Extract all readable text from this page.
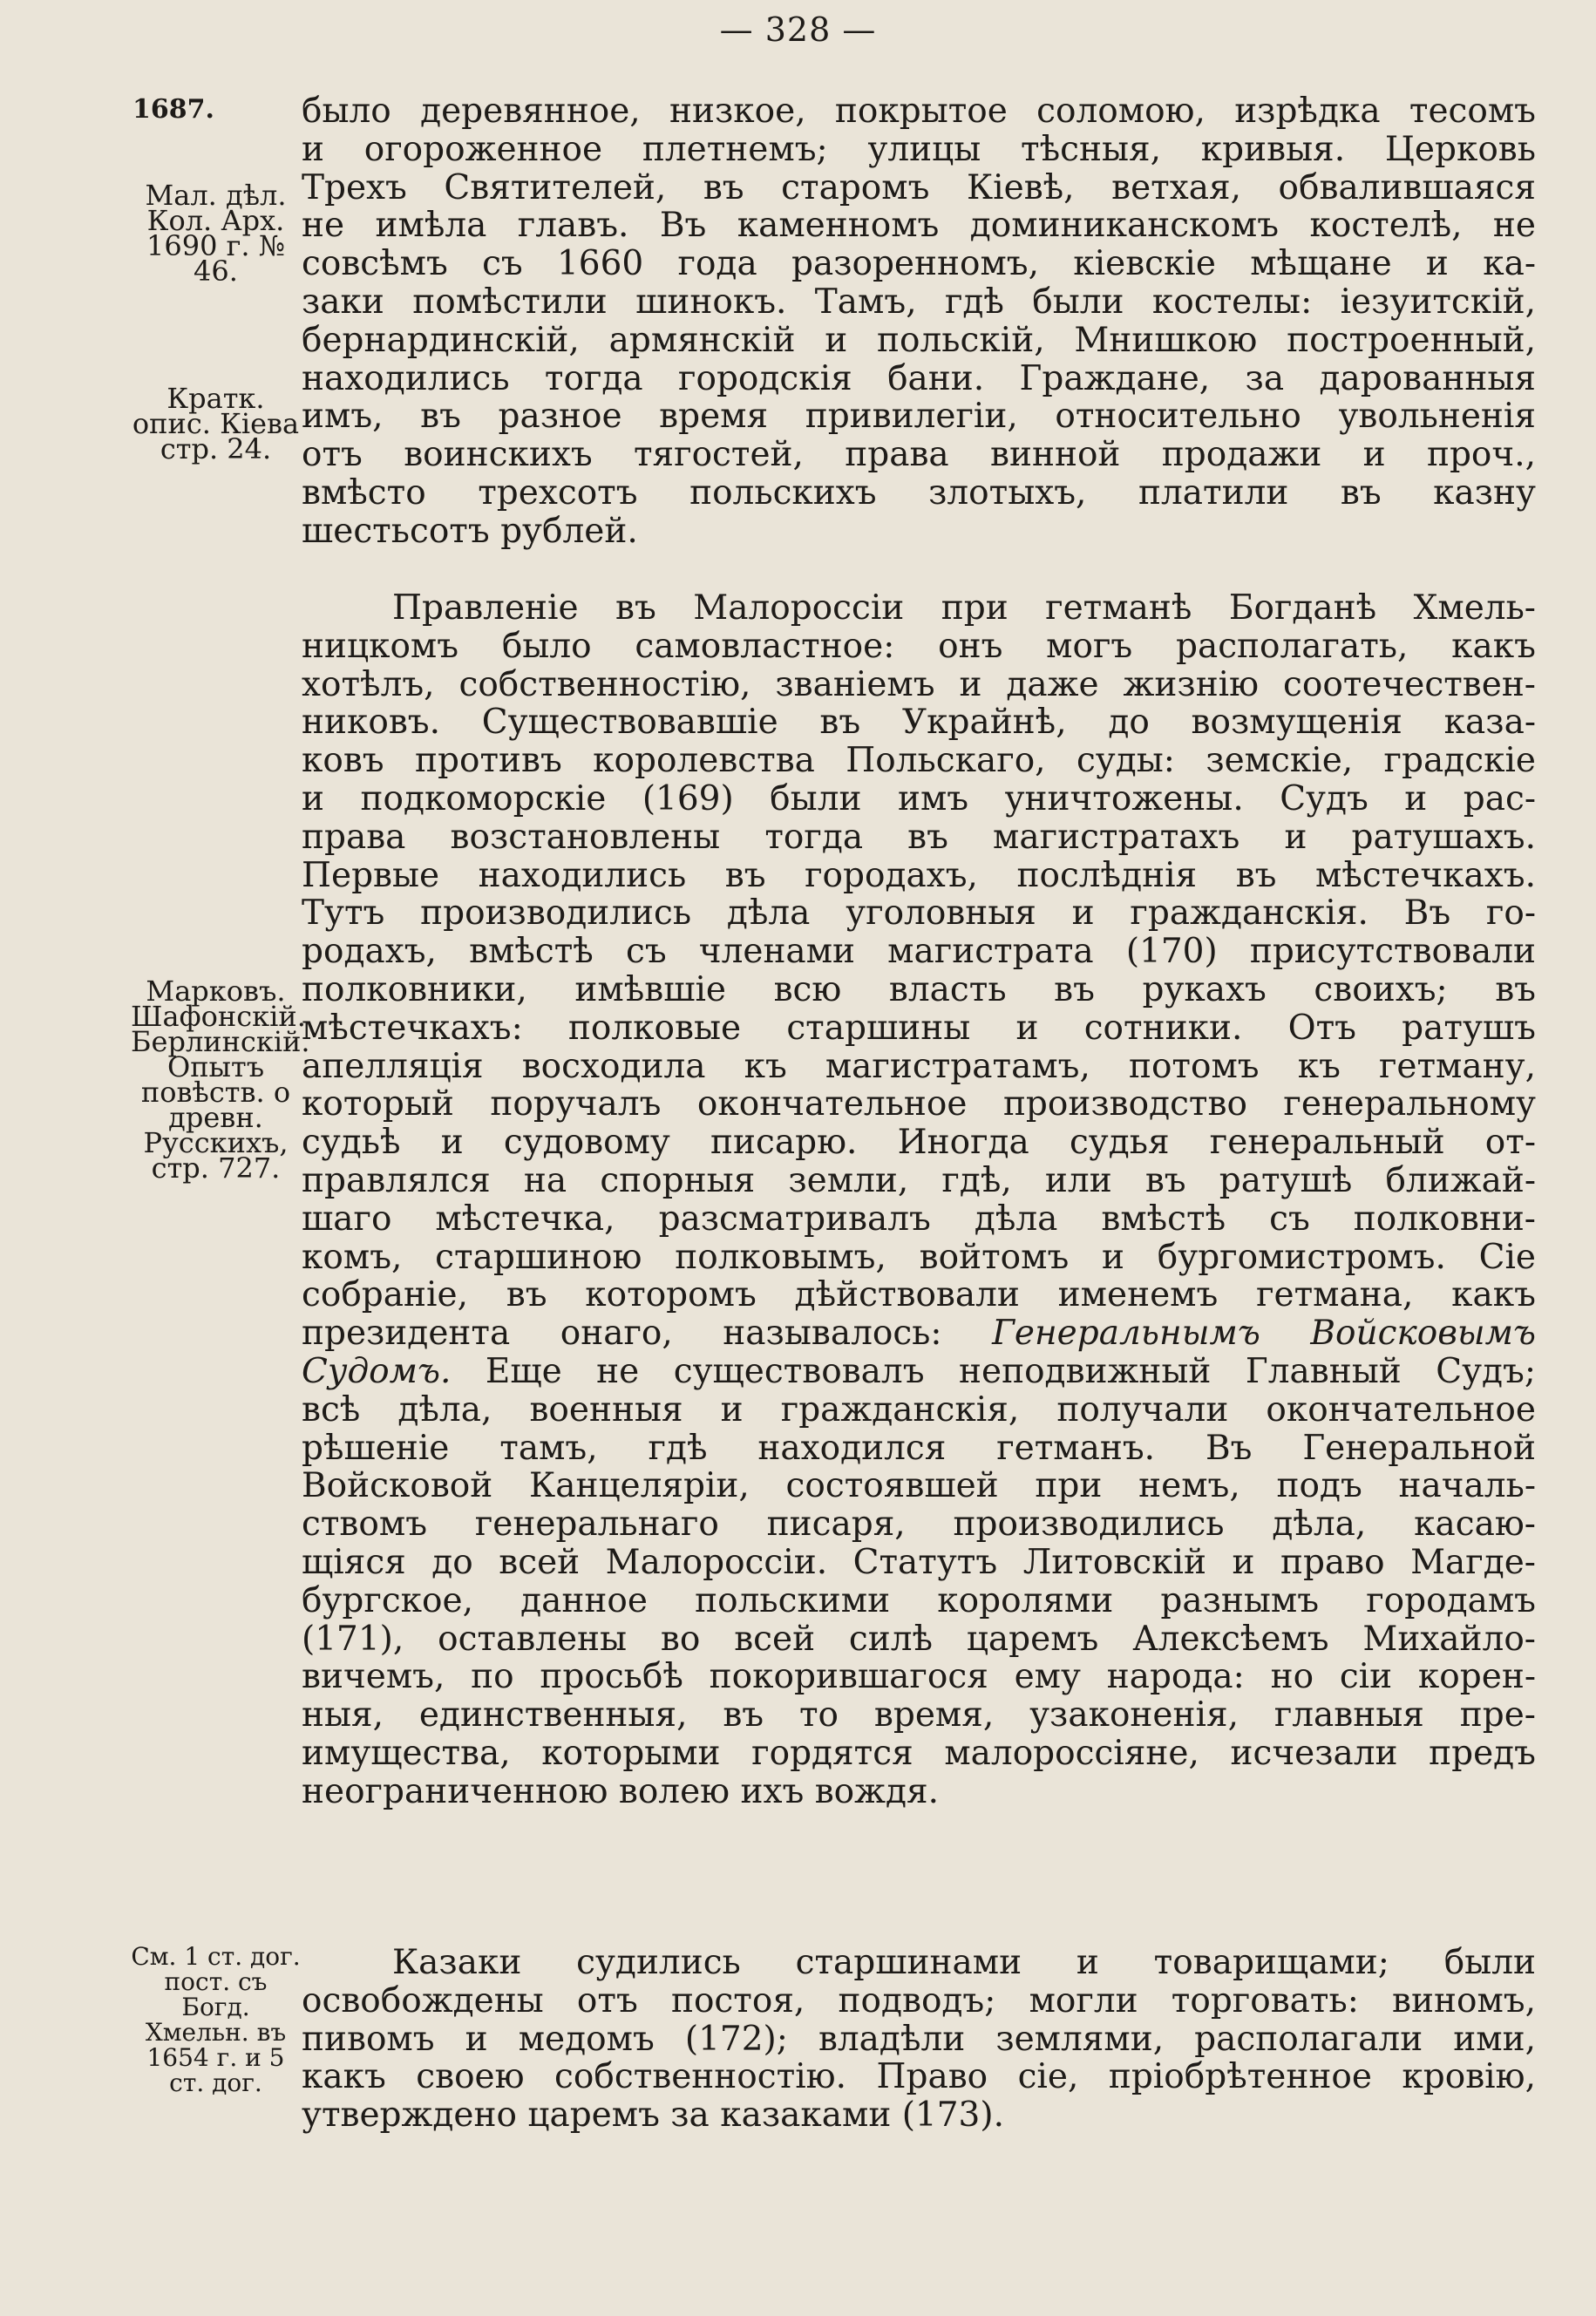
— 328 —
1687.
Мал. дѣл. Кол. Арх. 1690 г. № 46.
Кратк. опис. Кіева стр. 24.
Марковъ. Шафонскій. Берлинскій. Опытъ повѣств. о древн. Русскихъ, стр. 727.
См. 1 ст. дог. пост. съ Богд. Хмельн. въ 1654 г. и 5 ст. дог.
было деревянное, низкое, покрытое соломою, изрѣдка тесомъ
и огороженное плетнемъ; улицы тѣсныя, кривыя. Церковь
Трехъ Святителей, въ старомъ Кіевѣ, ветхая, обвалившаяся
не имѣла главъ. Въ каменномъ доминиканскомъ костелѣ, не
совсѣмъ съ 1660 года разоренномъ, кіевскіе мѣщане и ка-
заки помѣстили шинокъ. Тамъ, гдѣ были костелы: іезуитскій,
бернардинскій, армянскій и польскій, Мнишкою построенный,
находились тогда городскія бани. Граждане, за дарованныя
имъ, въ разное время привилегіи, относительно увольненія
отъ воинскихъ тягостей, права винной продажи и проч.,
вмѣсто трехсотъ польскихъ злотыхъ, платили въ казну
шестьсотъ рублей.
Правленіе въ Малороссіи при гетманѣ Богданѣ Хмель-
ницкомъ было самовластное: онъ могъ располагать, какъ
хотѣлъ, собственностію, званіемъ и даже жизнію соотечествен-
никовъ. Существовавшіе въ Украйнѣ, до возмущенія каза-
ковъ противъ королевства Польскаго, суды: земскіе, градскіе
и подкоморскіе (169) были имъ уничтожены. Судъ и рас-
права возстановлены тогда въ магистратахъ и ратушахъ.
Первые находились въ городахъ, послѣднія въ мѣстечкахъ.
Тутъ производились дѣла уголовныя и гражданскія. Въ го-
родахъ, вмѣстѣ съ членами магистрата (170) присутствовали
полковники, имѣвшіе всю власть въ рукахъ своихъ; въ
мѣстечкахъ: полковые старшины и сотники. Отъ ратушъ
апелляція восходила къ магистратамъ, потомъ къ гетману,
который поручалъ окончательное производство генеральному
судьѣ и судовому писарю. Иногда судья генеральный от-
правлялся на спорныя земли, гдѣ, или въ ратушѣ ближай-
шаго мѣстечка, разсматривалъ дѣла вмѣстѣ съ полковни-
комъ, старшиною полковымъ, войтомъ и бургомистромъ. Сіе
собраніе, въ которомъ дѣйствовали именемъ гетмана, какъ
президента онаго, называлось: Генеральнымъ Войсковымъ
Судомъ. Еще не существовалъ неподвижный Главный Судъ;
всѣ дѣла, военныя и гражданскія, получали окончательное
рѣшеніе тамъ, гдѣ находился гетманъ. Въ Генеральной
Войсковой Канцеляріи, состоявшей при немъ, подъ началь-
ствомъ генеральнаго писаря, производились дѣла, касаю-
щіяся до всей Малороссіи. Статутъ Литовскій и право Магде-
бургское, данное польскими королями разнымъ городамъ
(171), оставлены во всей силѣ царемъ Алексѣемъ Михайло-
вичемъ, по просьбѣ покорившагося ему народа: но сіи корен-
ныя, единственныя, въ то время, узаконенія, главныя пре-
имущества, которыми гордятся малороссіяне, исчезали предъ
неограниченною волею ихъ вождя.
Казаки судились старшинами и товарищами; были
освобождены отъ постоя, подводъ; могли торговать: виномъ,
пивомъ и медомъ (172); владѣли землями, располагали ими,
какъ своею собственностію. Право сіе, пріобрѣтенное кровію,
утверждено царемъ за казаками (173).
